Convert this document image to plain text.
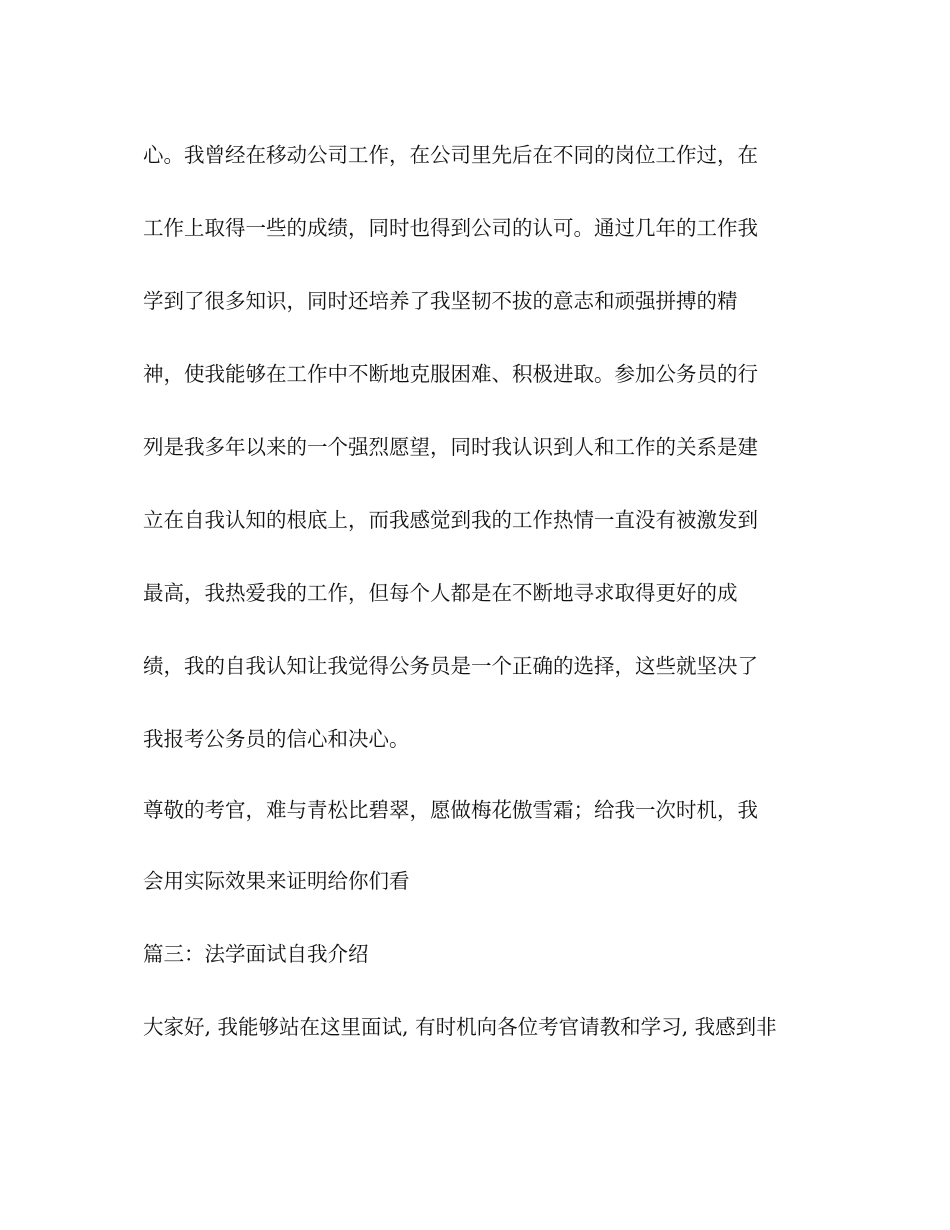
心。我曾经在移动公司工作，在公司里先后在不同的岗位工作过，在
工作上取得一些的成绩，同时也得到公司的认可。通过几年的工作我
学到了很多知识，同时还培养了我坚韧不拔的意志和顽强拼搏的精
神，使我能够在工作中不断地克服困难、积极进取。参加公务员的行
列是我多年以来的一个强烈愿望，同时我认识到人和工作的关系是建
立在自我认知的根底上，而我感觉到我的工作热情一直没有被激发到
最高，我热爱我的工作，但每个人都是在不断地寻求取得更好的成
绩，我的自我认知让我觉得公务员是一个正确的选择，这些就坚决了
我报考公务员的信心和决心。
尊敬的考官，难与青松比碧翠，愿做梅花傲雪霜；给我一次时机，我
会用实际效果来证明给你们看
篇三：法学面试自我介绍
大家好, 我能够站在这里面试, 有时机向各位考官请教和学习, 我感到非
